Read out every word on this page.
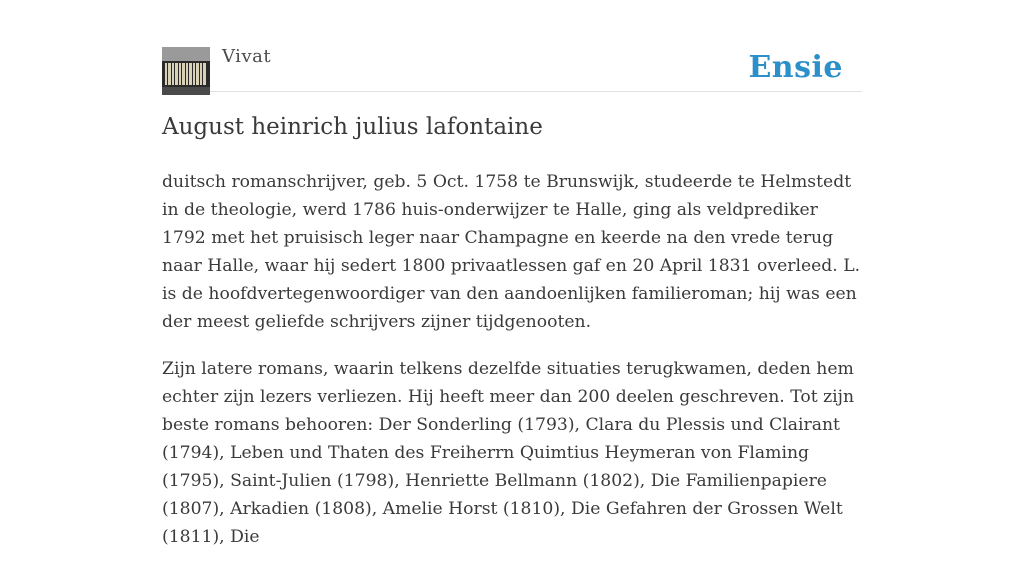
Vivat	Ensie
August heinrich julius lafontaine

duitsch romanschrijver, geb. 5 Oct. 1758 te Brunswijk, studeerde te Helmstedt in de theologie, werd 1786 huis-onderwijzer te Halle, ging als veldprediker 1792 met het pruisisch leger naar Champagne en keerde na den vrede terug naar Halle, waar hij sedert 1800 privaatlessen gaf en 20 April 1831 overleed. L. is de hoofdvertegenwoordiger van den aandoenlijken familieroman; hij was een der meest geliefde schrijvers zijner tijdgenooten.

Zijn latere romans, waarin telkens dezelfde situaties terugkwamen, deden hem echter zijn lezers verliezen. Hij heeft meer dan 200 deelen geschreven. Tot zijn beste romans behooren: Der Sonderling (1793), Clara du Plessis und Clairant (1794), Leben und Thaten des Freiherrn Quimtius Heymeran von Flaming (1795), Saint-Julien (1798), Henriette Bellmann (1802), Die Familienpapiere (1807), Arkadien (1808), Amelie Horst (1810), Die Gefahren der Grossen Welt (1811), Die
